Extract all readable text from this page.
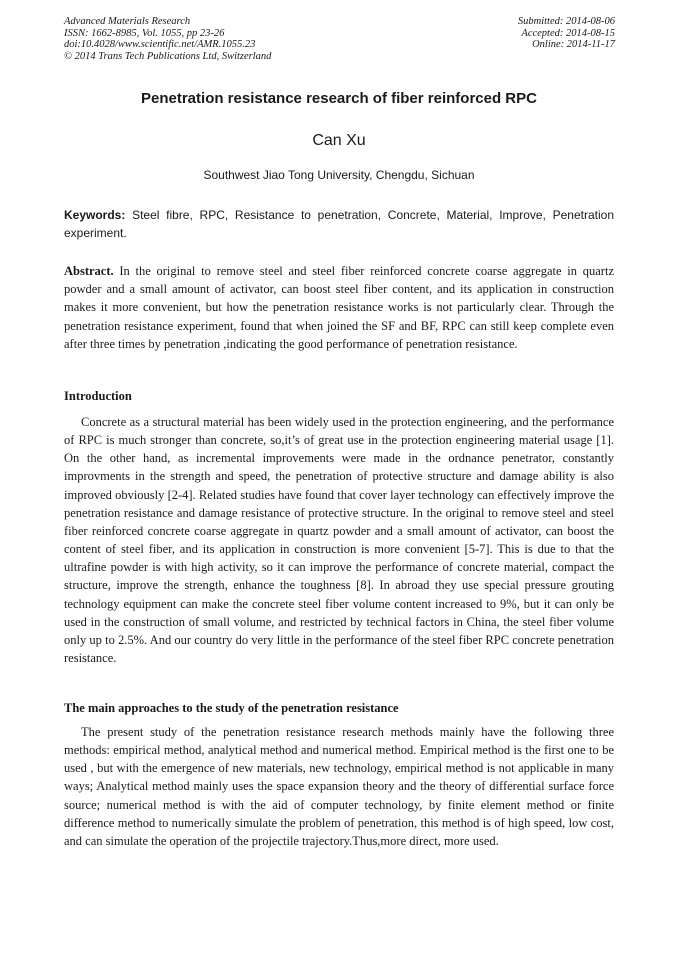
Advanced Materials Research
ISSN: 1662-8985, Vol. 1055, pp 23-26
doi:10.4028/www.scientific.net/AMR.1055.23
© 2014 Trans Tech Publications Ltd, Switzerland
Submitted: 2014-08-06
Accepted: 2014-08-15
Online: 2014-11-17
Penetration resistance research of fiber reinforced RPC
Can Xu
Southwest Jiao Tong University, Chengdu, Sichuan
Keywords: Steel fibre, RPC, Resistance to penetration, Concrete, Material, Improve, Penetration experiment.
Abstract. In the original to remove steel and steel fiber reinforced concrete coarse aggregate in quartz powder and a small amount of activator, can boost steel fiber content, and its application in construction makes it more convenient, but how the penetration resistance works is not particularly clear. Through the penetration resistance experiment, found that when joined the SF and BF, RPC can still keep complete even after three times by penetration ,indicating the good performance of penetration resistance.
Introduction
Concrete as a structural material has been widely used in the protection engineering, and the performance of RPC is much stronger than concrete, so,it’s of great use in the protection engineering material usage [1]. On the other hand, as incremental improvements were made in the ordnance penetrator, constantly improvments in the strength and speed, the penetration of protective structure and damage ability is also improved obviously [2-4]. Related studies have found that cover layer technology can effectively improve the penetration resistance and damage resistance of protective structure. In the original to remove steel and steel fiber reinforced concrete coarse aggregate in quartz powder and a small amount of activator, can boost the content of steel fiber, and its application in construction is more convenient [5-7]. This is due to that the ultrafine powder is with high activity, so it can improve the performance of concrete material, compact the structure, improve the strength, enhance the toughness [8]. In abroad they use special pressure grouting technology equipment can make the concrete steel fiber volume content increased to 9%, but it can only be used in the construction of small volume, and restricted by technical factors in China, the steel fiber volume only up to 2.5%. And our country do very little in the performance of the steel fiber RPC concrete penetration resistance.
The main approaches to the study of the penetration resistance
The present study of the penetration resistance research methods mainly have the following three methods: empirical method, analytical method and numerical method. Empirical method is the first one to be used , but with the emergence of new materials, new technology, empirical method is not applicable in many ways; Analytical method mainly uses the space expansion theory and the theory of differential surface force source; numerical method is with the aid of computer technology, by finite element method or finite difference method to numerically simulate the problem of penetration, this method is of high speed, low cost, and can simulate the operation of the projectile trajectory.Thus,more direct, more used.
